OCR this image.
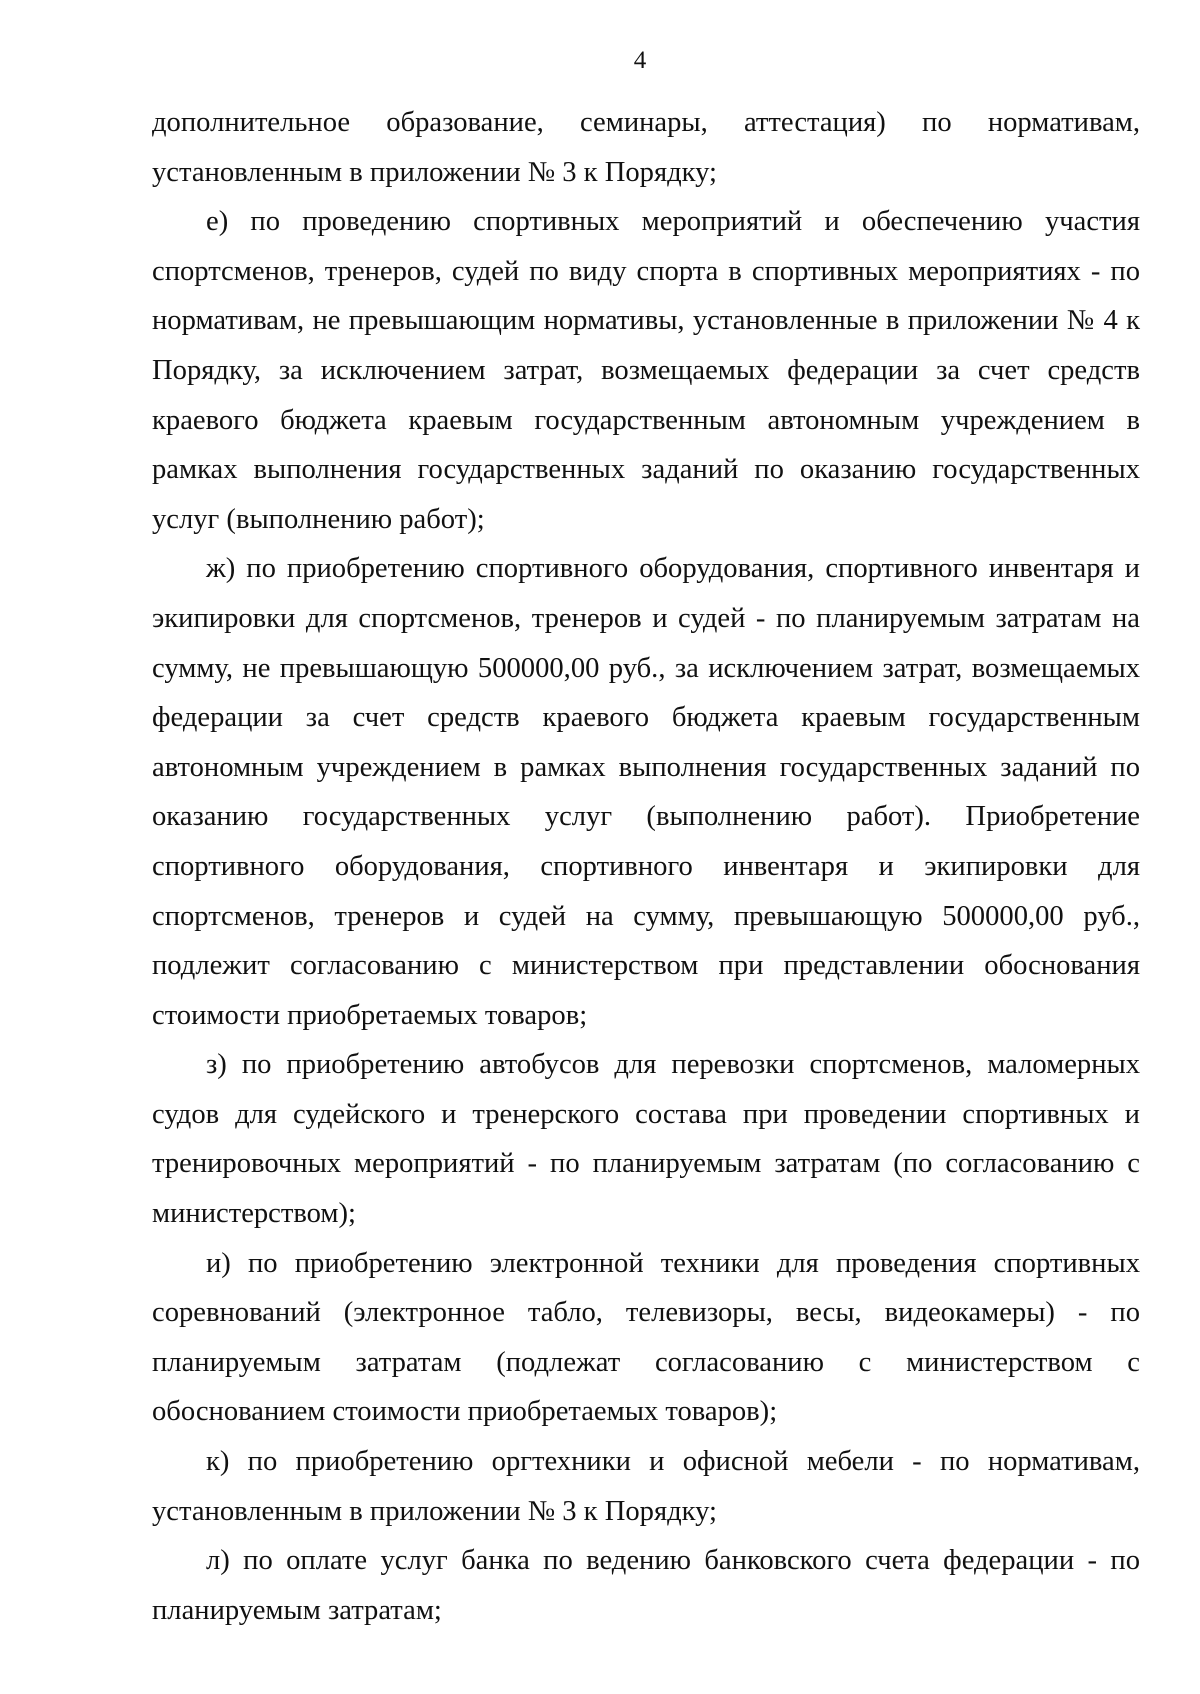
4

дополнительное образование, семинары, аттестация) по нормативам, установленным в приложении № 3 к Порядку;

е) по проведению спортивных мероприятий и обеспечению участия спортсменов, тренеров, судей по виду спорта в спортивных мероприятиях - по нормативам, не превышающим нормативы, установленные в приложении № 4 к Порядку, за исключением затрат, возмещаемых федерации за счет средств краевого бюджета краевым государственным автономным учреждением в рамках выполнения государственных заданий по оказанию государственных услуг (выполнению работ);

ж) по приобретению спортивного оборудования, спортивного инвентаря и экипировки для спортсменов, тренеров и судей - по планируемым затратам на сумму, не превышающую 500000,00 руб., за исключением затрат, возмещаемых федерации за счет средств краевого бюджета краевым государственным автономным учреждением в рамках выполнения государственных заданий по оказанию государственных услуг (выполнению работ). Приобретение спортивного оборудования, спортивного инвентаря и экипировки для спортсменов, тренеров и судей на сумму, превышающую 500000,00 руб., подлежит согласованию с министерством при представлении обоснования стоимости приобретаемых товаров;

з) по приобретению автобусов для перевозки спортсменов, маломерных судов для судейского и тренерского состава при проведении спортивных и тренировочных мероприятий - по планируемым затратам (по согласованию с министерством);

и) по приобретению электронной техники для проведения спортивных соревнований (электронное табло, телевизоры, весы, видеокамеры) - по планируемым затратам (подлежат согласованию с министерством с обоснованием стоимости приобретаемых товаров);

к) по приобретению оргтехники и офисной мебели - по нормативам, установленным в приложении № 3 к Порядку;

л) по оплате услуг банка по ведению банковского счета федерации - по планируемым затратам;
